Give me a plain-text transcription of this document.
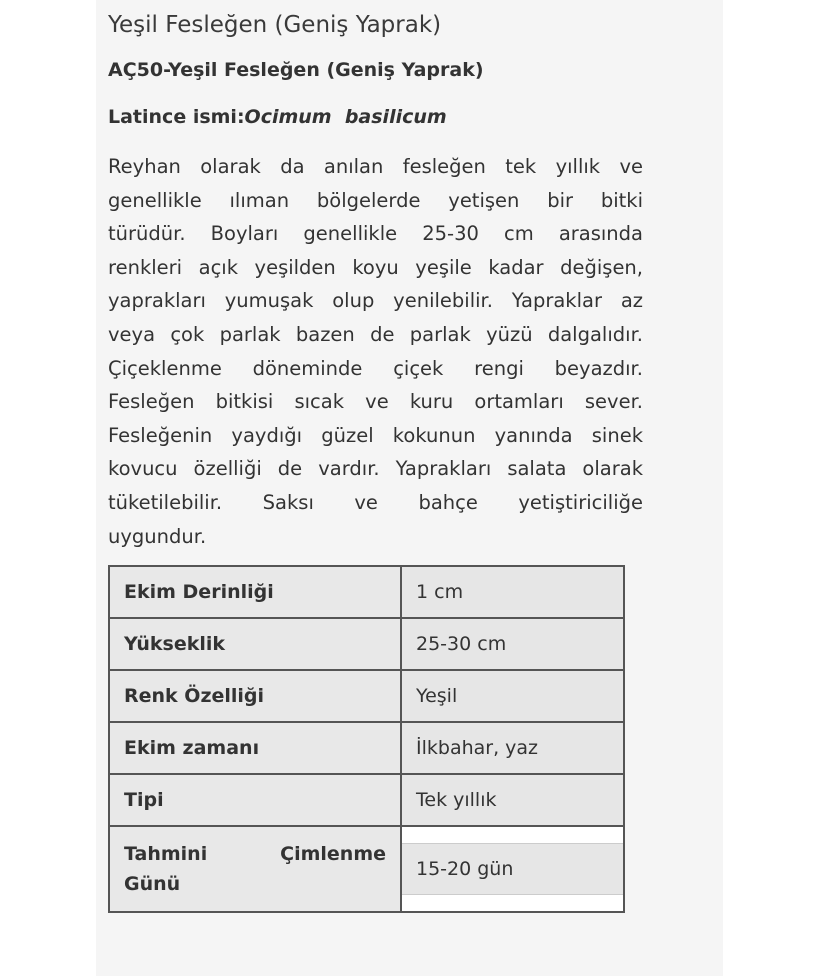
Yeşil Fesleğen (Geniş Yaprak)
AÇ50-Yeşil Fesleğen (Geniş Yaprak)

Latince ismi:Ocimum  basilicum

Reyhan olarak da anılan fesleğen tek yıllık ve
genellikle ılıman bölgelerde yetişen bir bitki
türüdür. Boyları genellikle 25-30 cm arasında
renkleri açık yeşilden koyu yeşile kadar değişen,
yaprakları yumuşak olup yenilebilir. Yapraklar az
veya çok parlak bazen de parlak yüzü dalgalıdır.
Çiçeklenme döneminde çiçek rengi beyazdır.
Fesleğen bitkisi sıcak ve kuru ortamları sever.
Fesleğenin yaydığı güzel kokunun yanında sinek
kovucu özelliği de vardır. Yaprakları salata olarak
tüketilebilir. Saksı ve bahçe yetiştiriciliğe
uygundur.

Ekim Derinliği	1 cm
Yükseklik	25-30 cm
Renk Özelliği	Yeşil
Ekim zamanı	İlkbahar, yaz
Tipi	Tek yıllık

Tahmini Çimlenme
Günü	15-20 gün
